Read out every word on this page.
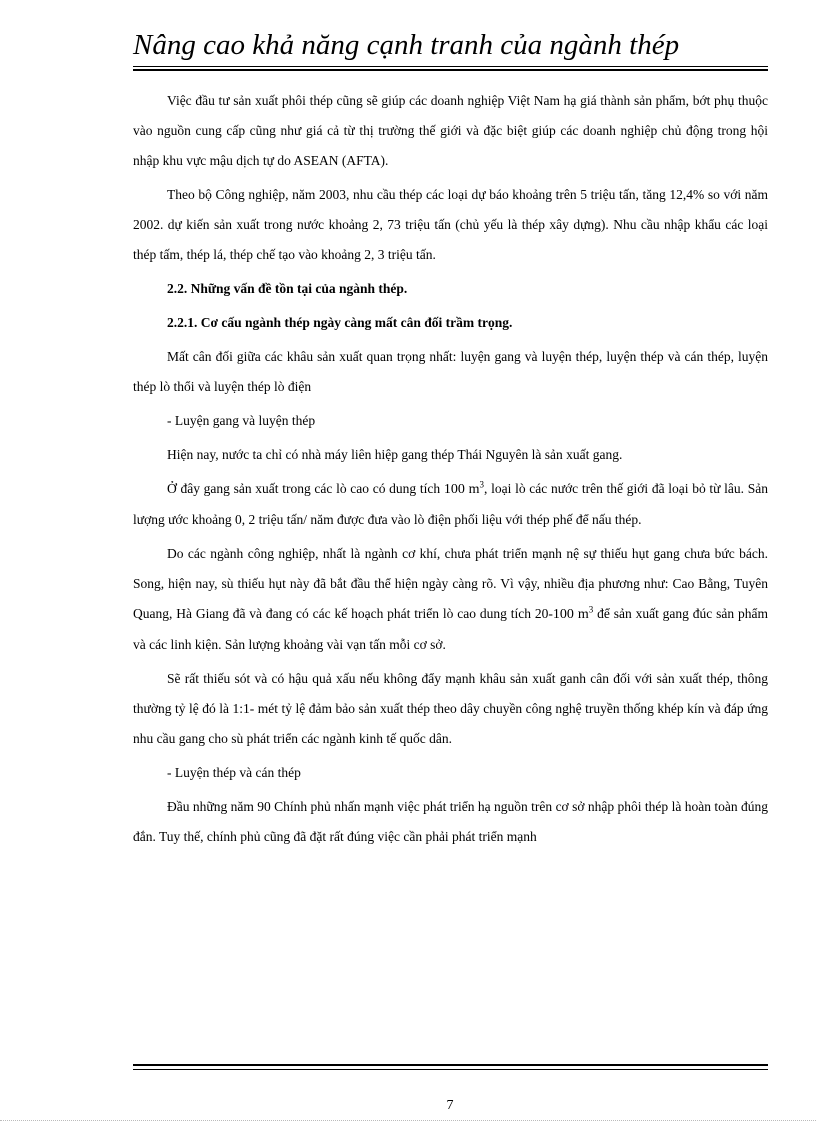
Nâng cao khả năng cạnh tranh của ngành thép

Việc đầu tư sản xuất phôi thép cũng sẽ giúp các doanh nghiệp Việt Nam hạ giá thành sản phẩm, bớt phụ thuộc vào nguồn cung cấp cũng như giá cả từ thị trường thế giới và đặc biệt giúp các doanh nghiệp chủ động trong hội nhập khu vực mậu dịch tự do ASEAN (AFTA).

Theo bộ Công nghiệp, năm 2003, nhu cầu thép các loại dự báo khoảng trên 5 triệu tấn, tăng 12,4% so với năm 2002. dự kiến sản xuất trong nước khoảng 2, 73 triệu tấn (chủ yếu là thép xây dựng). Nhu cầu nhập khẩu các loại thép tấm, thép lá, thép chế tạo vào khoảng 2, 3 triệu tấn.

2.2. Những vấn đề tồn tại của ngành thép.

2.2.1. Cơ cấu ngành thép ngày càng mất cân đối trầm trọng.

Mất cân đối giữa các khâu sản xuất quan trọng nhất: luyện gang và luyện thép, luyện thép và cán thép, luyện thép lò thổi và luyện thép lò điện

- Luyện gang và luyện thép

Hiện nay, nước ta chỉ có nhà máy liên hiệp gang thép Thái Nguyên là sản xuất gang.

Ở đây gang sản xuất trong các lò cao có dung tích 100 $m^3$, loại lò các nước trên thế giới đã loại bỏ từ lâu. Sản lượng ước khoảng 0, 2 triệu tấn/ năm được đưa vào lò điện phối liệu với thép phế để nấu thép.

Do các ngành công nghiệp, nhất là ngành cơ khí, chưa phát triển mạnh nệ sự thiếu hụt gang chưa bức bách. Song, hiện nay, sù thiếu hụt này đã bắt đầu thể hiện ngày càng rõ. Vì vậy, nhiều địa phương như: Cao Bằng, Tuyên Quang, Hà Giang đã và đang có các kế hoạch phát triển lò cao dung tích 20-100 $m^3$ để sản xuất gang đúc sản phẩm và các linh kiện. Sản lượng khoảng vài vạn tấn mỗi cơ sở.

Sẽ rất thiếu sót và có hậu quả xấu nếu không đẩy mạnh khâu sản xuất ganh cân đối với sản xuất thép, thông thường tỷ lệ đó là 1:1- mét tỷ lệ đảm bảo sản xuất thép theo dây chuyền công nghệ truyền thống khép kín và đáp ứng nhu cầu gang cho sù phát triển các ngành kinh tế quốc dân.

- Luyện thép và cán thép

Đầu những năm 90 Chính phủ nhấn mạnh việc phát triển hạ nguồn trên cơ sở nhập phôi thép là hoàn toàn đúng đắn. Tuy thế, chính phủ cũng đã đặt rất đúng việc cần phải phát triển mạnh

7
